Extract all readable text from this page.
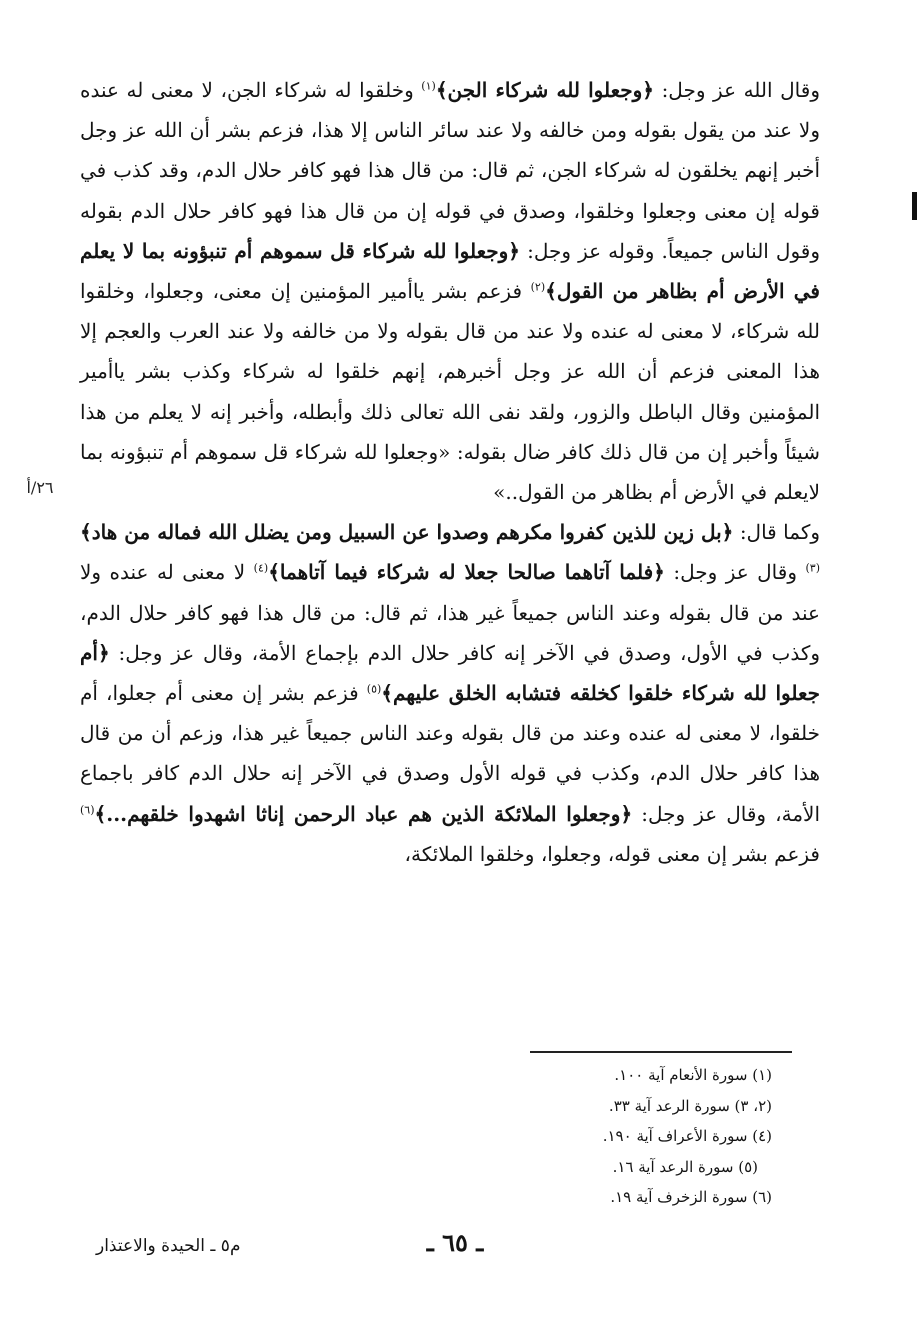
وقال الله عز وجل: ﴿وجعلوا لله شركاء الجن﴾$^{(١)}$ وخلقوا له شركاء الجن، لا معنى له عنده ولا عند من يقول بقوله ومن خالفه ولا عند سائر الناس إلا هذا، فزعم بشر أن الله عز وجل أخبر إنهم يخلقون له شركاء الجن، ثم قال: من قال هذا فهو كافر حلال الدم، وقد كذب في قوله إن معنى وجعلوا وخلقوا، وصدق في قوله إن من قال هذا فهو كافر حلال الدم بقوله وقول الناس جميعاً. وقوله عز وجل: ﴿وجعلوا لله شركاء قل سموهم أم تنبؤونه بما لا يعلم في الأرض أم بظاهر من القول﴾$^{(٢)}$ فزعم بشر ياأمير المؤمنين إن معنى، وجعلوا، وخلقوا لله شركاء، لا معنى له عنده ولا عند من قال بقوله ولا من خالفه ولا عند العرب والعجم إلا هذا المعنى فزعم أن الله عز وجل أخبرهم، إنهم خلقوا له شركاء وكذب بشر ياأمير المؤمنين وقال الباطل والزور، ولقد نفى الله تعالى ذلك وأبطله، وأخبر إنه لا يعلم من هذا شيئاً وأخبر إن من قال ذلك كافر ضال بقوله: «وجعلوا لله شركاء قل سموهم أم تنبؤونه بما لايعلم في الأرض أم بظاهر من القول..»

وكما قال: ﴿بل زين للذين كفروا مكرهم وصدوا عن السبيل ومن يضلل الله فماله من هاد﴾$^{(٣)}$ وقال عز وجل: ﴿فلما آتاهما صالحا جعلا له شركاء فيما آتاهما﴾$^{(٤)}$ لا معنى له عنده ولا عند من قال بقوله وعند الناس جميعاً غير هذا، ثم قال: من قال هذا فهو كافر حلال الدم، وكذب في الأول، وصدق في الآخر إنه كافر حلال الدم بإجماع الأمة، وقال عز وجل: ﴿أم جعلوا لله شركاء خلقوا كخلقه فتشابه الخلق عليهم﴾$^{(٥)}$ فزعم بشر إن معنى أم جعلوا، أم خلقوا، لا معنى له عنده وعند من قال بقوله وعند الناس جميعاً غير هذا، وزعم أن من قال هذا كافر حلال الدم، وكذب في قوله الأول وصدق في الآخر إنه حلال الدم كافر باجماع الأمة، وقال عز وجل: ﴿وجعلوا الملائكة الذين هم عباد الرحمن إناثا اشهدوا خلقهم...﴾$^{(٦)}$ فزعم بشر إن معنى قوله، وجعلوا، وخلقوا الملائكة،

٢٦/أ
(١) سورة الأنعام آية ١٠٠.
(٢، ٣) سورة الرعد آية ٣٣.
(٤) سورة الأعراف آية ١٩٠.
(٥) سورة الرعد آية ١٦.
(٦) سورة الزخرف آية ١٩.
م٥ ـ الحيدة والاعتذار	ـ ٦٥ ـ
